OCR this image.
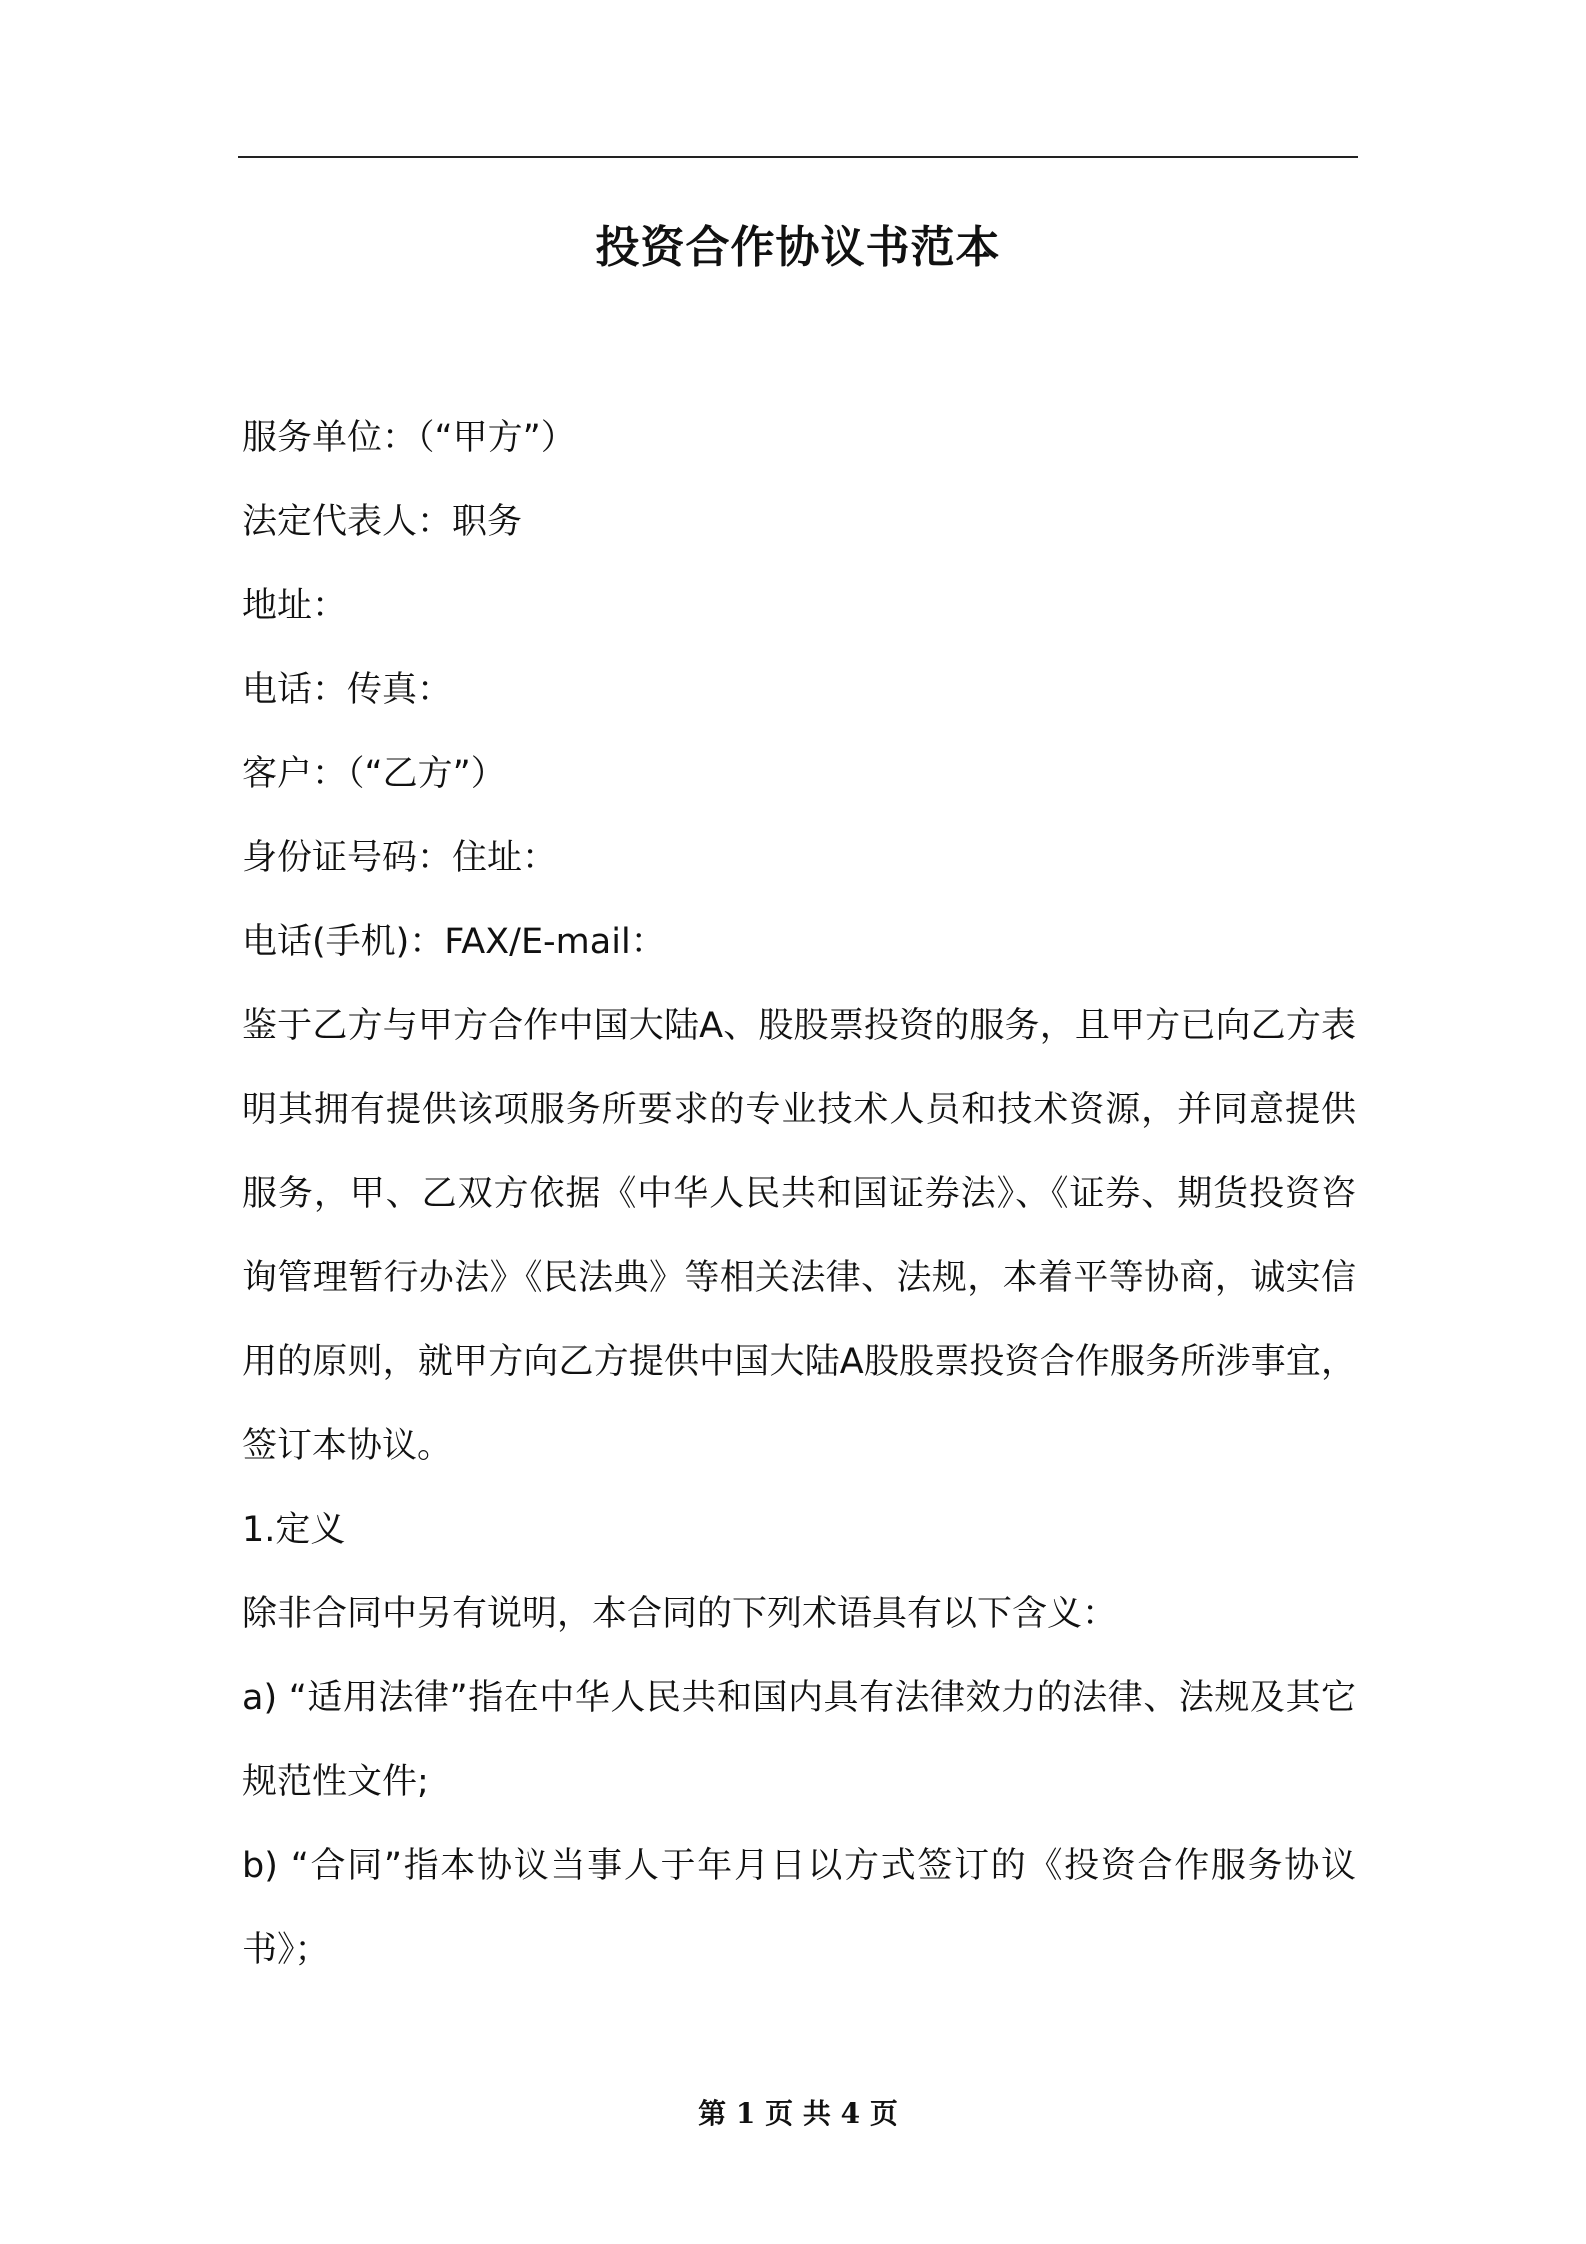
投资合作协议书范本
服务单位：（“甲方”）
法定代表人：职务
地址：
电话：传真：
客户：（“乙方”）
身份证号码：住址：
电话(手机)：FAX/E-mail：
鉴于乙方与甲方合作中国大陆A、股股票投资的服务，且甲方已向乙方表明其拥有提供该项服务所要求的专业技术人员和技术资源，并同意提供服务，甲、乙双方依据《中华人民共和国证券法》、《证券、期货投资咨询管理暂行办法》《民法典》等相关法律、法规，本着平等协商，诚实信用的原则，就甲方向乙方提供中国大陆A股股票投资合作服务所涉事宜，签订本协议。
1.定义
除非合同中另有说明，本合同的下列术语具有以下含义：
a) “适用法律”指在中华人民共和国内具有法律效力的法律、法规及其它规范性文件;
b) “合同”指本协议当事人于年月日以方式签订的《投资合作服务协议书》；
第 1 页 共 4 页
